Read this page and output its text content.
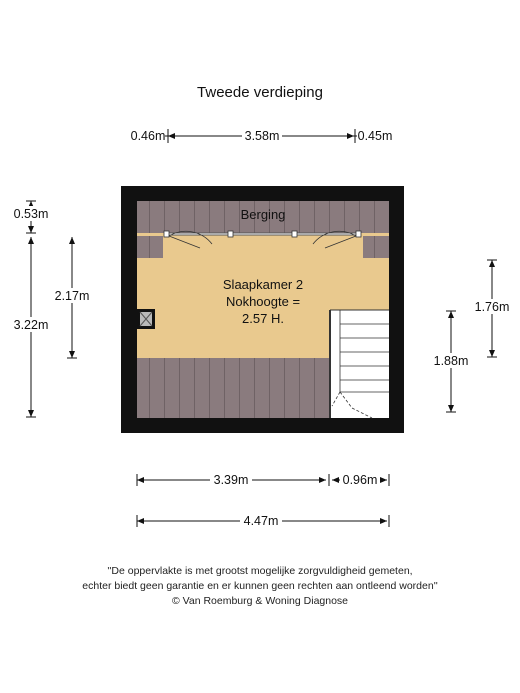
Tweede verdieping
Berging
Slaapkamer 2
Nokhoogte =
2.57 H.
0.46m	3.58m	0.45m
0.53m
2.17m
3.22m
1.76m
1.88m
3.39m	0.96m
4.47m
''De oppervlakte is met grootst mogelijke zorgvuldigheid gemeten,
echter biedt geen garantie en er kunnen geen rechten aan ontleend worden''
© Van Roemburg & Woning Diagnose
